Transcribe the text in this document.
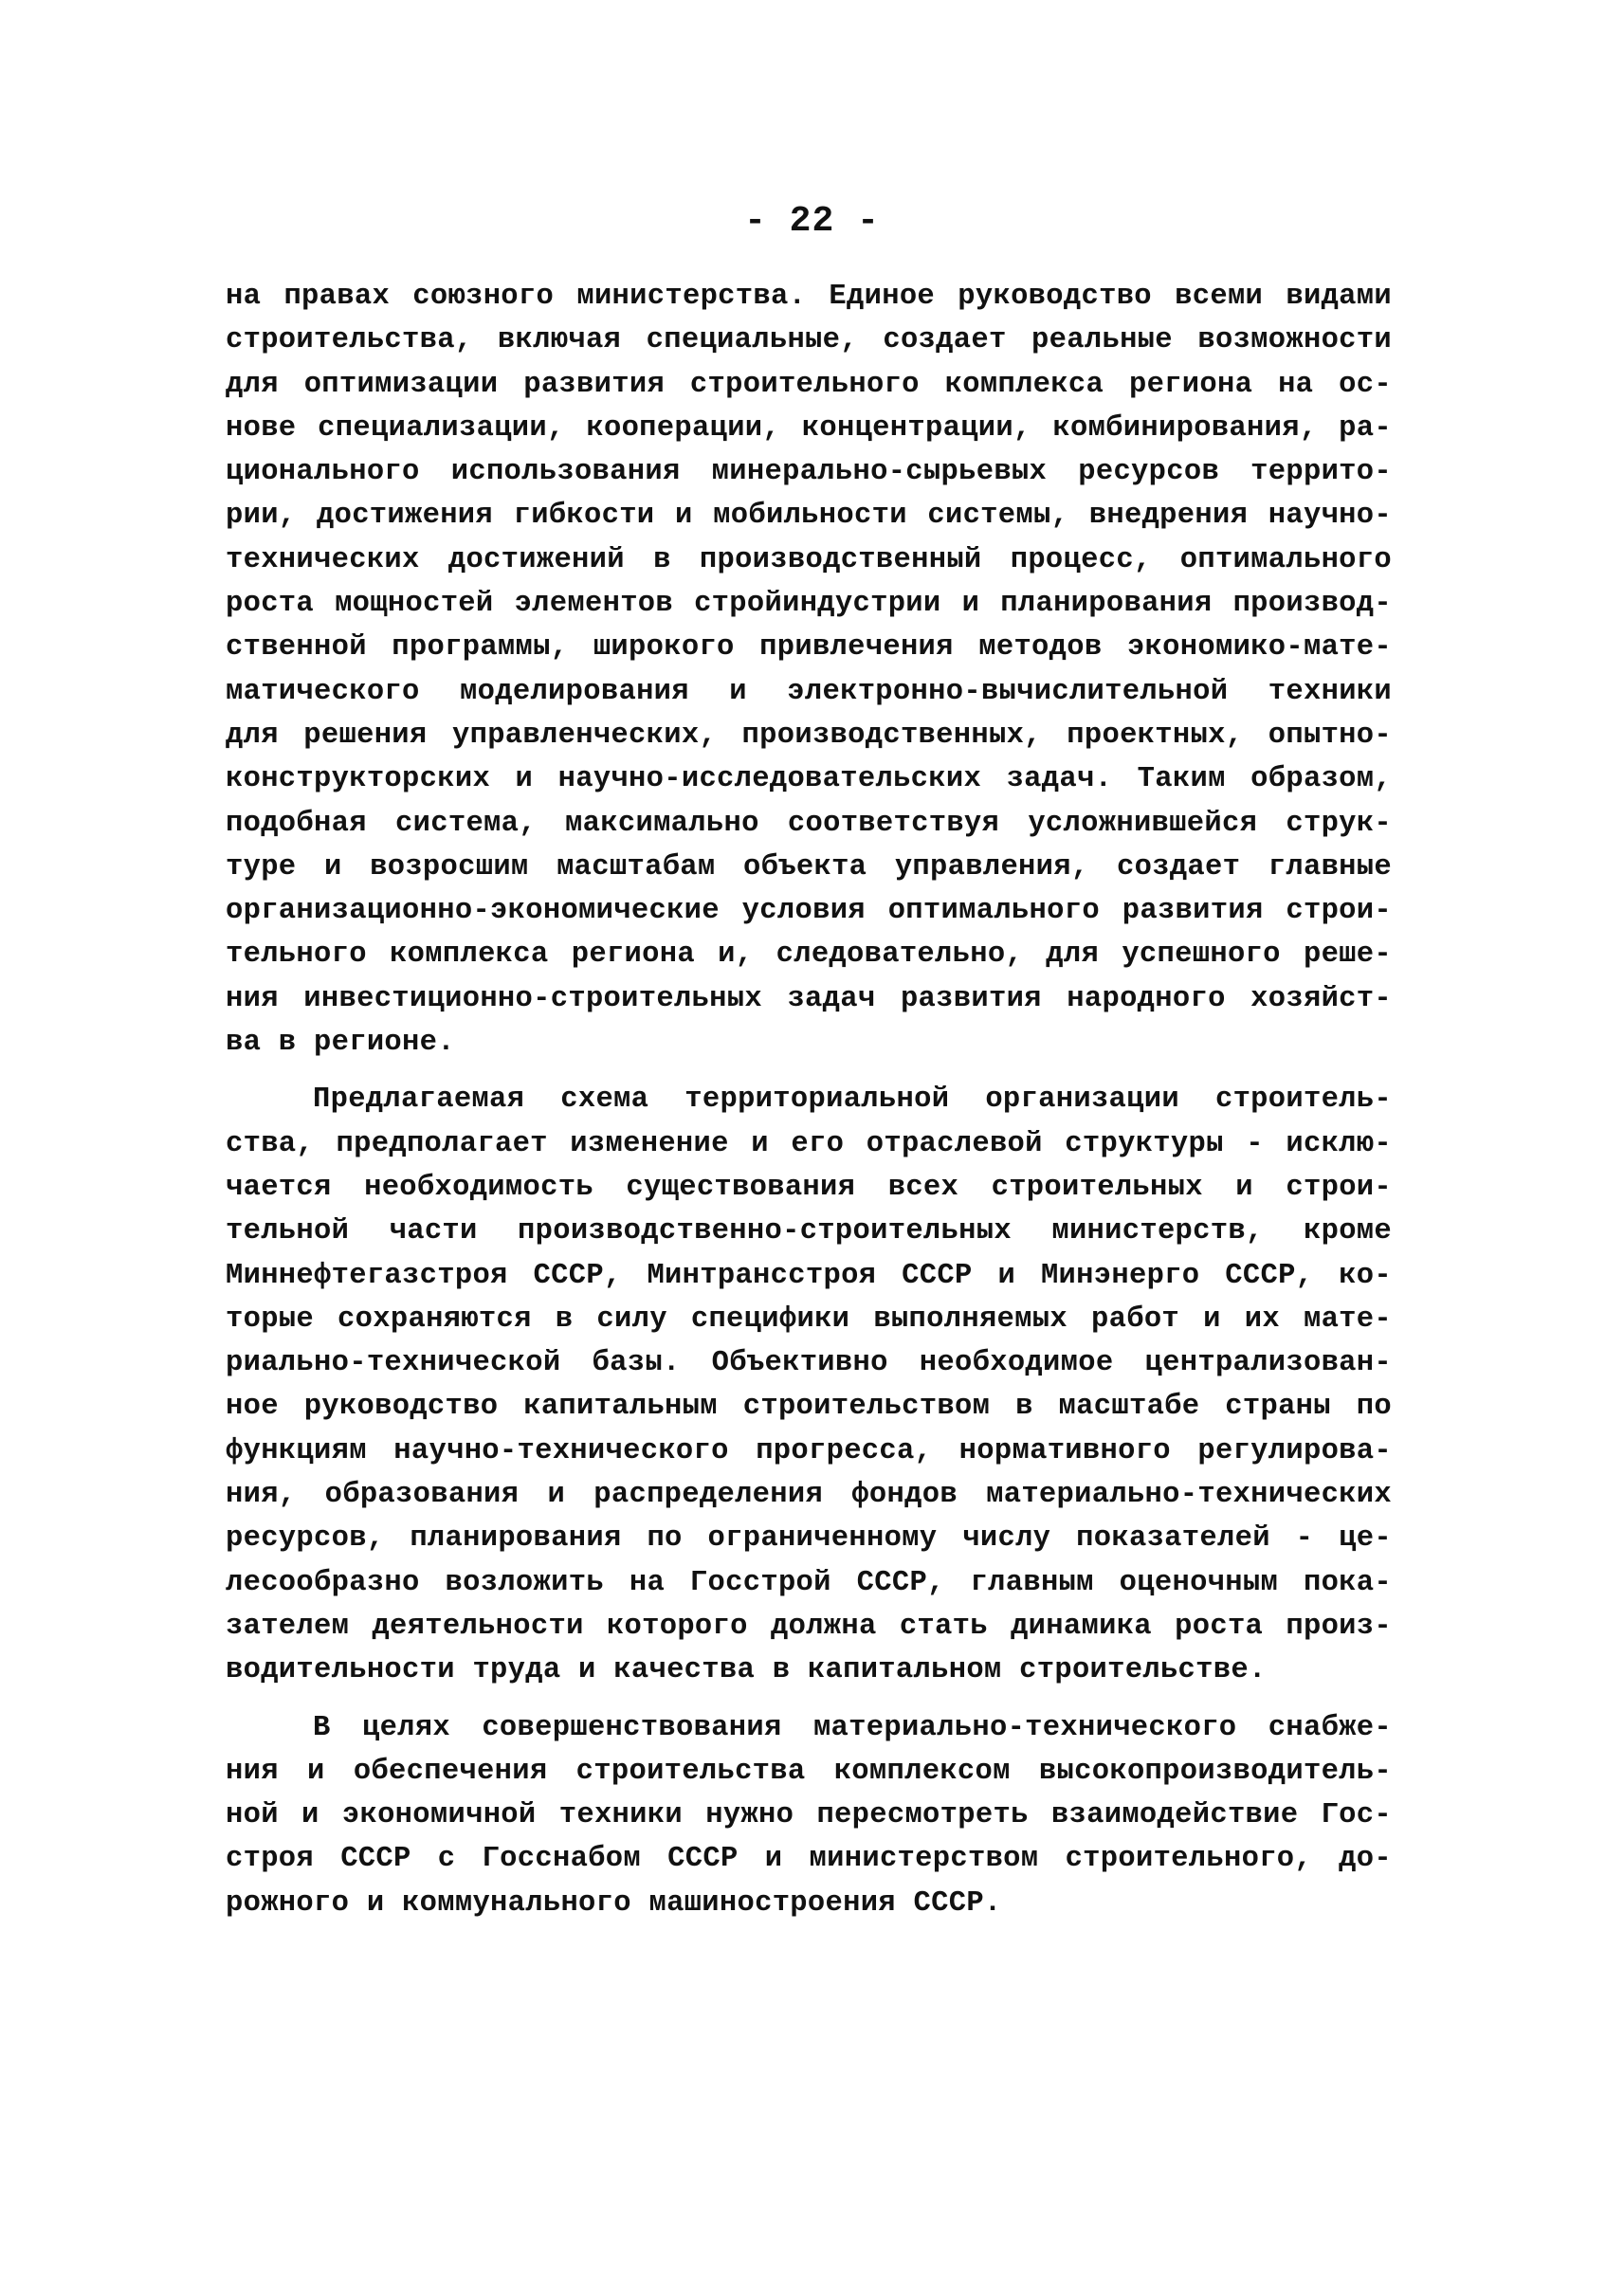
- 22 -
на правах союзного министерства. Единое руководство всеми видами
строительства, включая специальные, создает реальные возможности
для оптимизации развития строительного комплекса региона на ос-
нове специализации, кооперации, концентрации, комбинирования, ра-
ционального использования минерально-сырьевых ресурсов террито-
рии, достижения гибкости и мобильности системы, внедрения научно-
технических достижений в производственный процесс, оптимального
роста мощностей элементов стройиндустрии и планирования производ-
ственной программы, широкого привлечения методов экономико-мате-
матического моделирования и электронно-вычислительной техники
для решения управленческих, производственных, проектных, опытно-
конструкторских и научно-исследовательских задач. Таким образом,
подобная система, максимально соответствуя усложнившейся струк-
туре и возросшим масштабам объекта управления, создает главные
организационно-экономические условия оптимального развития строи-
тельного комплекса региона и, следовательно, для успешного реше-
ния инвестиционно-строительных задач развития народного хозяйст-
ва в регионе.
Предлагаемая схема территориальной организации строитель-
ства, предполагает изменение и его отраслевой структуры - исклю-
чается необходимость существования всех строительных и строи-
тельной части производственно-строительных министерств, кроме
Миннефтегазстроя СССР, Минтрансстроя СССР и Минэнерго СССР, ко-
торые сохраняются в силу специфики выполняемых работ и их мате-
риально-технической базы. Объективно необходимое централизован-
ное руководство капитальным строительством в масштабе страны по
функциям научно-технического прогресса, нормативного регулирова-
ния, образования и распределения фондов материально-технических
ресурсов, планирования по ограниченному числу показателей - це-
лесообразно возложить на Госстрой СССР, главным оценочным пока-
зателем деятельности которого должна стать динамика роста произ-
водительности труда и качества в капитальном строительстве.
В целях совершенствования материально-технического снабже-
ния и обеспечения строительства комплексом высокопроизводитель-
ной и экономичной техники нужно пересмотреть взаимодействие Гос-
строя СССР с Госснабом СССР и министерством строительного, до-
рожного и коммунального машиностроения СССР.
